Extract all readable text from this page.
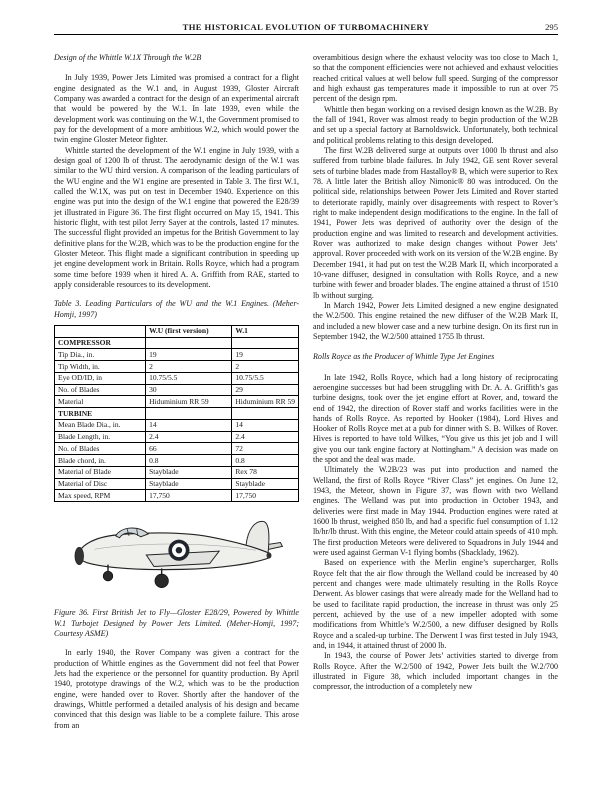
THE HISTORICAL EVOLUTION OF TURBOMACHINERY	295
Design of the Whittle W.1X Through the W.2B

In July 1939, Power Jets Limited was promised a contract for a flight engine designated as the W.1 and, in August 1939, Gloster Aircraft Company was awarded a contract for the design of an experimental aircraft that would be powered by the W.1. In late 1939, even while the development work was continuing on the W.1, the Government promised to pay for the development of a more ambitious W.2, which would power the twin engine Gloster Meteor fighter.

Whittle started the development of the W.1 engine in July 1939, with a design goal of 1200 lb of thrust. The aerodynamic design of the W.1 was similar to the WU third version. A comparison of the leading particulars of the WU engine and the W1 engine are presented in Table 3. The first W.1, called the W.1X, was put on test in December 1940. Experience on this engine was put into the design of the W.1 engine that powered the E28/39 jet illustrated in Figure 36. The first flight occurred on May 15, 1941. This historic flight, with test pilot Jerry Sayer at the controls, lasted 17 minutes. The successful flight provided an impetus for the British Government to lay definitive plans for the W.2B, which was to be the production engine for the Gloster Meteor. This flight made a significant contribution in speeding up jet engine development work in Britain. Rolls Royce, which had a program some time before 1939 when it hired A. A. Griffith from RAE, started to apply considerable resources to its development.

Table 3. Leading Particulars of the WU and the W.1 Engines. (Meher-Homji, 1997)
	W.U (first version)	W.1
COMPRESSOR		
Tip Dia., in.	19	19
Tip Width, in.	2	2
Eye OD/ID, in	10.75/5.5	10.75/5.5
No. of Blades	30	29
Material	Hiduminium RR 59	Hiduminium RR 59
TURBINE		
Mean Blade Dia., in.	14	14
Blade Length, in.	2.4	2.4
No. of Blades	66	72
Blade chord, in.	0.8	0.8
Material of Blade	Stayblade	Rex 78
Material of Disc	Stayblade	Stayblade
Max speed, RPM	17,750	17,750
Figure 36. First British Jet to Fly—Gloster E28/29, Powered by Whittle W.1 Turbojet Designed by Power Jets Limited. (Meher-Homji, 1997; Courtesy ASME)

In early 1940, the Rover Company was given a contract for the production of Whittle engines as the Government did not feel that Power Jets had the experience or the personnel for quantity production. By April 1940, prototype drawings of the W.2, which was to be the production engine, were handed over to Rover. Shortly after the handover of the drawings, Whittle performed a detailed analysis of his design and became convinced that this design was liable to be a complete failure. This arose from an

overambitious design where the exhaust velocity was too close to Mach 1, so that the component efficiencies were not achieved and exhaust velocities reached critical values at well below full speed. Surging of the compressor and high exhaust gas temperatures made it impossible to run at over 75 percent of the design rpm.

Whittle then began working on a revised design known as the W.2B. By the fall of 1941, Rover was almost ready to begin production of the W.2B and set up a special factory at Barnoldswick. Unfortunately, both technical and political problems relating to this design developed.

The first W.2B delivered surge at outputs over 1000 lb thrust and also suffered from turbine blade failures. In July 1942, GE sent Rover several sets of turbine blades made from Hastalloy® B, which were superior to Rex 78. A little later the British alloy Nimonic® 80 was introduced. On the political side, relationships between Power Jets Limited and Rover started to deteriorate rapidly, mainly over disagreements with respect to Rover’s right to make independent design modifications to the engine. In the fall of 1941, Power Jets was deprived of authority over the design of the production engine and was limited to research and development activities. Rover was authorized to make design changes without Power Jets’ approval. Rover proceeded with work on its version of the W.2B engine. By December 1941, it had put on test the W.2B Mark II, which incorporated a 10-vane diffuser, designed in consultation with Rolls Royce, and a new turbine with fewer and broader blades. The engine attained a thrust of 1510 lb without surging.

In March 1942, Power Jets Limited designed a new engine designated the W.2/500. This engine retained the new diffuser of the W.2B Mark II, and included a new blower case and a new turbine design. On its first run in September 1942, the W.2/500 attained 1755 lb thrust.

Rolls Royce as the Producer of Whittle Type Jet Engines

In late 1942, Rolls Royce, which had a long history of reciprocating aeroengine successes but had been struggling with Dr. A. A. Griffith’s gas turbine designs, took over the jet engine effort at Rover, and, toward the end of 1942, the direction of Rover staff and works facilities were in the hands of Rolls Royce. As reported by Hooker (1984), Lord Hives and Hooker of Rolls Royce met at a pub for dinner with S. B. Wilkes of Rover. Hives is reported to have told Wilkes, “You give us this jet job and I will give you our tank engine factory at Nottingham.” A decision was made on the spot and the deal was made.

Ultimately the W.2B/23 was put into production and named the Welland, the first of Rolls Royce “River Class” jet engines. On June 12, 1943, the Meteor, shown in Figure 37, was flown with two Welland engines. The Welland was put into production in October 1943, and deliveries were first made in May 1944. Production engines were rated at 1600 lb thrust, weighed 850 lb, and had a specific fuel consumption of 1.12 lb/hr/lb thrust. With this engine, the Meteor could attain speeds of 410 mph. The first production Meteors were delivered to Squadrons in July 1944 and were used against German V-1 flying bombs (Shacklady, 1962).

Based on experience with the Merlin engine’s supercharger, Rolls Royce felt that the air flow through the Welland could be increased by 40 percent and changes were made ultimately resulting in the Rolls Royce Derwent. As blower casings that were already made for the Welland had to be used to facilitate rapid production, the increase in thrust was only 25 percent, achieved by the use of a new impeller adopted with some modifications from Whittle’s W.2/500, a new diffuser designed by Rolls Royce and a scaled-up turbine. The Derwent I was first tested in July 1943, and, in 1944, it attained thrust of 2000 lb.

In 1943, the course of Power Jets’ activities started to diverge from Rolls Royce. After the W.2/500 of 1942, Power Jets built the W.2/700 illustrated in Figure 38, which included important changes in the compressor, the introduction of a completely new
